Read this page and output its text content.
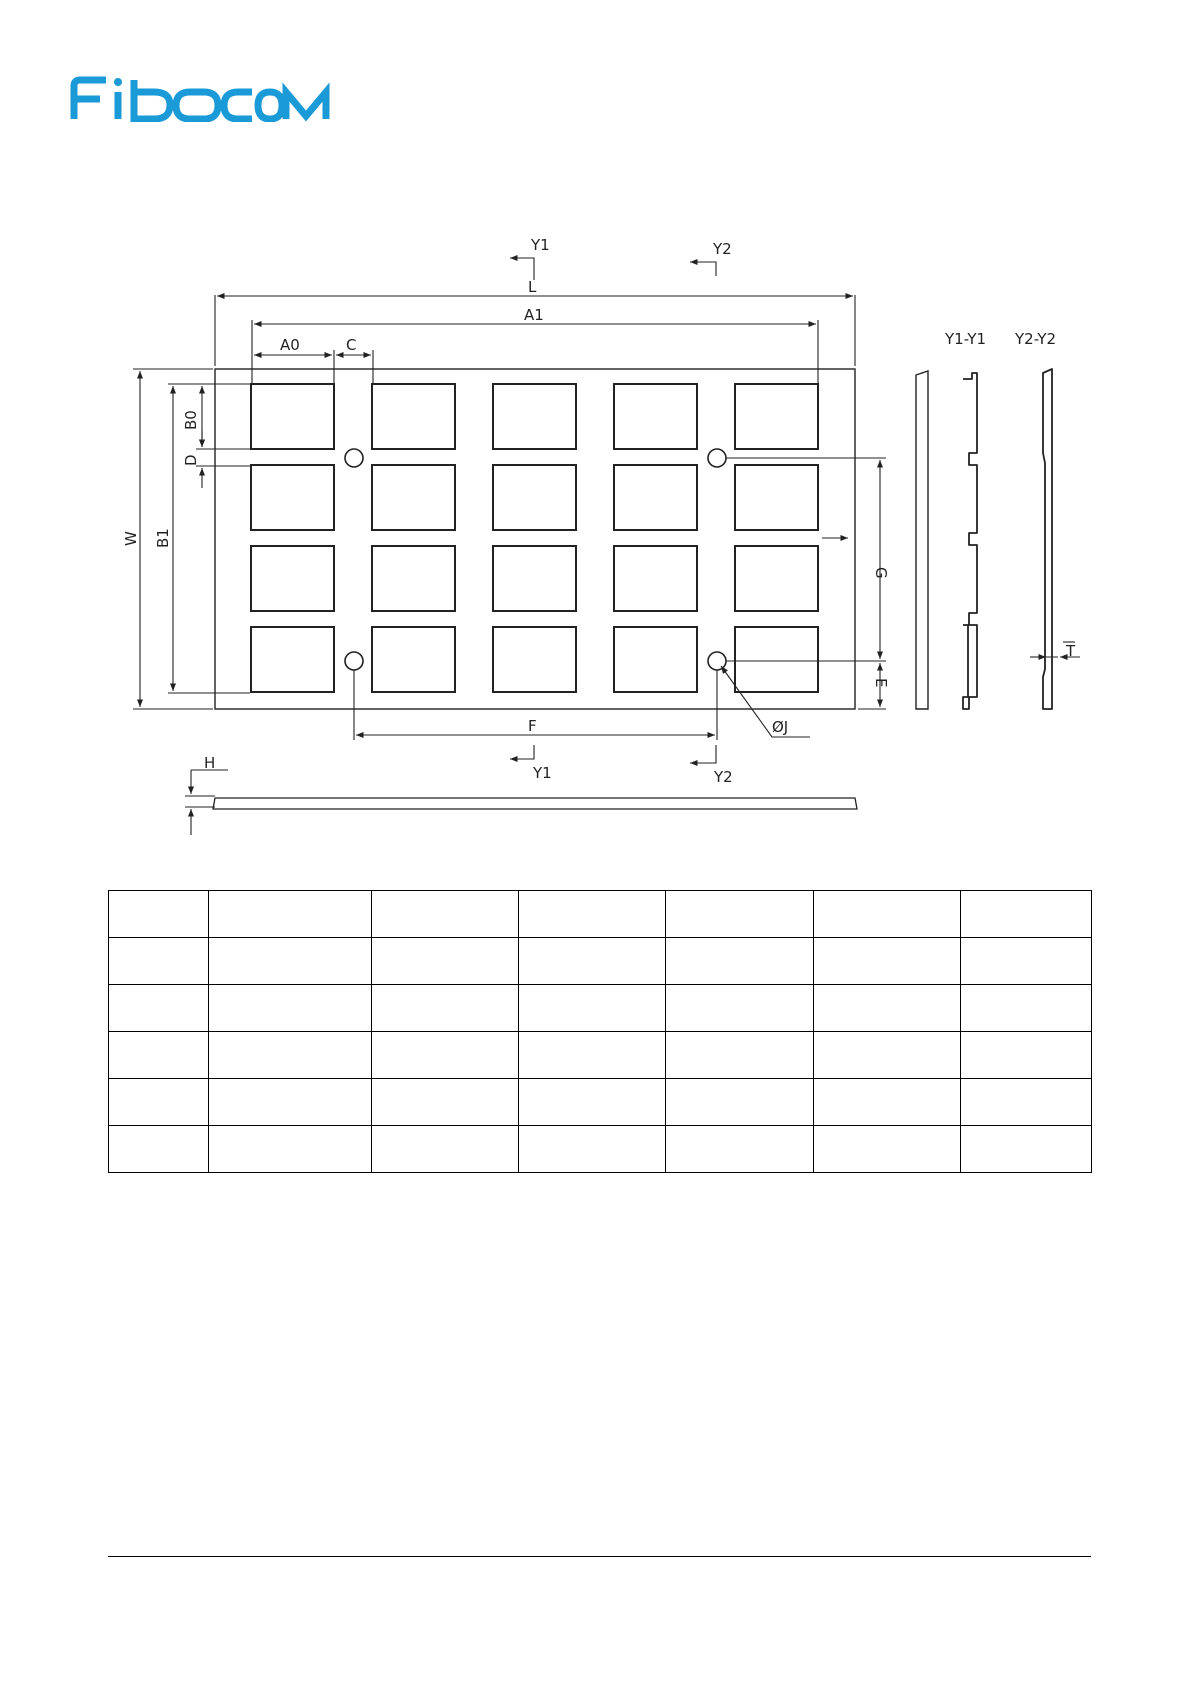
Fibocom
Y1	Y2
L
A1
A0	C
B0
D
B1
W
G
E
F	ØJ
Y1	Y2
H
T
Y1-Y1 Y2-Y2
